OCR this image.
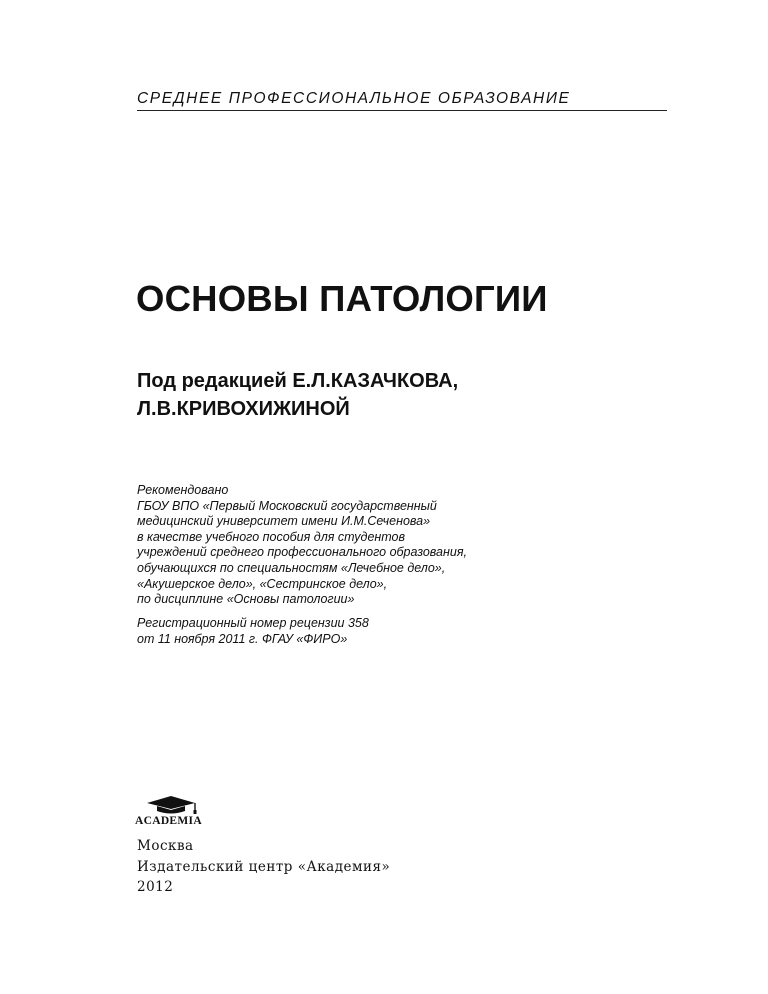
СРЕДНЕЕ ПРОФЕССИОНАЛЬНОЕ ОБРАЗОВАНИЕ
ОСНОВЫ ПАТОЛОГИИ
Под редакцией Е.Л.КАЗАЧКОВА,
Л.В.КРИВОХИЖИНОЙ
Рекомендовано
ГБОУ ВПО «Первый Московский государственный
медицинский университет имени И.М.Сеченова»
в качестве учебного пособия для студентов
учреждений среднего профессионального образования,
обучающихся по специальностям «Лечебное дело»,
«Акушерское дело», «Сестринское дело»,
по дисциплине «Основы патологии»
Регистрационный номер рецензии 358
от 11 ноября 2011 г. ФГАУ «ФИРО»
ACADEMIA
Москва
Издательский центр «Академия»
2012
